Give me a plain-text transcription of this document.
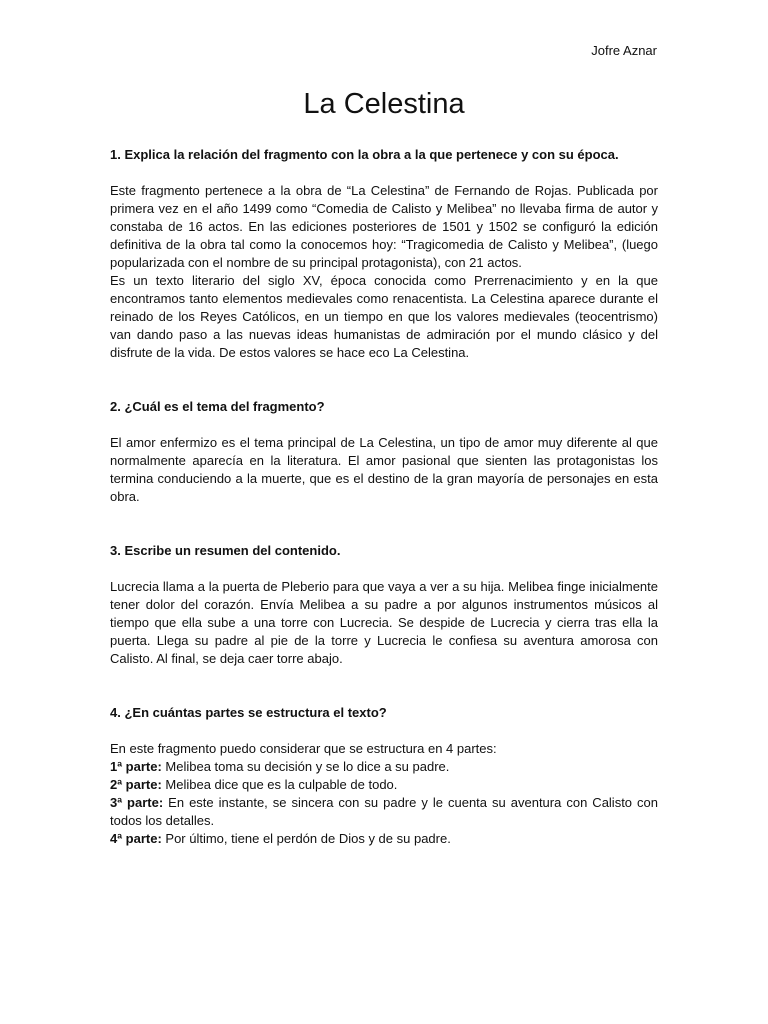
Jofre Aznar
La Celestina

1. Explica la relación del fragmento con la obra a la que pertenece y con su época.

Este fragmento pertenece a la obra de “La Celestina” de Fernando de Rojas. Publicada por primera vez en el año 1499 como “Comedia de Calisto y Melibea” no llevaba firma de autor y constaba de 16 actos. En las ediciones posteriores de 1501 y 1502 se configuró la edición definitiva de la obra tal como la conocemos hoy: “Tragicomedia de Calisto y Melibea”, (luego popularizada con el nombre de su principal protagonista), con 21 actos.

Es un texto literario del siglo XV, época conocida como Prerrenacimiento y en la que encontramos tanto elementos medievales como renacentista. La Celestina aparece durante el reinado de los Reyes Católicos, en un tiempo en que los valores medievales (teocentrismo) van dando paso a las nuevas ideas humanistas de admiración por el mundo clásico y del disfrute de la vida. De estos valores se hace eco La Celestina.

2. ¿Cuál es el tema del fragmento?

El amor enfermizo es el tema principal de La Celestina, un tipo de amor muy diferente al que normalmente aparecía en la literatura. El amor pasional que sienten las protagonistas los termina conduciendo a la muerte, que es el destino de la gran mayoría de personajes en esta obra.

3. Escribe un resumen del contenido.

Lucrecia llama a la puerta de Pleberio para que vaya a ver a su hija. Melibea finge inicialmente tener dolor del corazón. Envía Melibea a su padre a por algunos instrumentos músicos al tiempo que ella sube a una torre con Lucrecia. Se despide de Lucrecia y cierra tras ella la puerta. Llega su padre al pie de la torre y Lucrecia le confiesa su aventura amorosa con Calisto. Al final, se deja caer torre abajo.

4. ¿En cuántas partes se estructura el texto?

En este fragmento puedo considerar que se estructura en 4 partes:

1ª parte: Melibea toma su decisión y se lo dice a su padre.

2ª parte: Melibea dice que es la culpable de todo.

3ª parte: En este instante, se sincera con su padre y le cuenta su aventura con Calisto con todos los detalles.

4ª parte: Por último, tiene el perdón de Dios y de su padre.
